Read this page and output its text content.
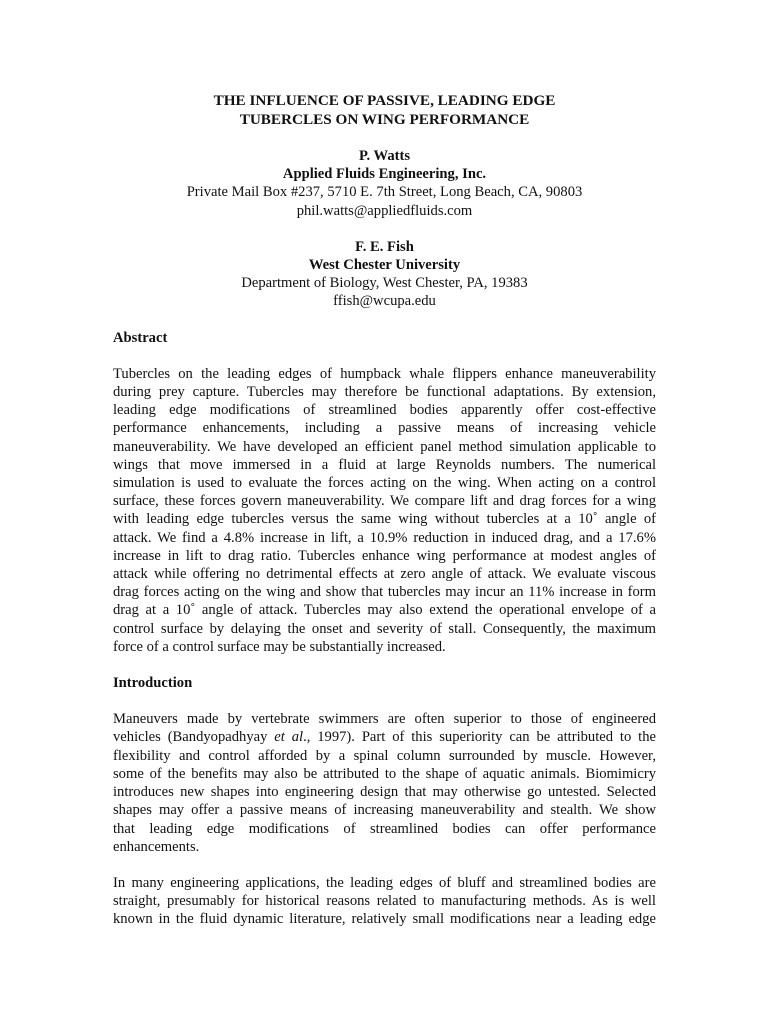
THE INFLUENCE OF PASSIVE, LEADING EDGE
TUBERCLES ON WING PERFORMANCE
P. Watts
Applied Fluids Engineering, Inc.
Private Mail Box #237, 5710 E. 7th Street, Long Beach, CA, 90803
phil.watts@appliedfluids.com
F. E. Fish
West Chester University
Department of Biology, West Chester, PA, 19383
ffish@wcupa.edu
Abstract
Tubercles on the leading edges of humpback whale flippers enhance maneuverability
during prey capture. Tubercles may therefore be functional adaptations. By extension,
leading edge modifications of streamlined bodies apparently offer cost-effective
performance enhancements, including a passive means of increasing vehicle
maneuverability. We have developed an efficient panel method simulation applicable to
wings that move immersed in a fluid at large Reynolds numbers. The numerical
simulation is used to evaluate the forces acting on the wing. When acting on a control
surface, these forces govern maneuverability. We compare lift and drag forces for a wing
with leading edge tubercles versus the same wing without tubercles at a 10˚ angle of
attack. We find a 4.8% increase in lift, a 10.9% reduction in induced drag, and a 17.6%
increase in lift to drag ratio. Tubercles enhance wing performance at modest angles of
attack while offering no detrimental effects at zero angle of attack. We evaluate viscous
drag forces acting on the wing and show that tubercles may incur an 11% increase in form
drag at a 10˚ angle of attack. Tubercles may also extend the operational envelope of a
control surface by delaying the onset and severity of stall. Consequently, the maximum
force of a control surface may be substantially increased.
Introduction
Maneuvers made by vertebrate swimmers are often superior to those of engineered
vehicles (Bandyopadhyay et al., 1997). Part of this superiority can be attributed to the
flexibility and control afforded by a spinal column surrounded by muscle. However,
some of the benefits may also be attributed to the shape of aquatic animals. Biomimicry
introduces new shapes into engineering design that may otherwise go untested. Selected
shapes may offer a passive means of increasing maneuverability and stealth. We show
that leading edge modifications of streamlined bodies can offer performance
enhancements.
In many engineering applications, the leading edges of bluff and streamlined bodies are
straight, presumably for historical reasons related to manufacturing methods. As is well
known in the fluid dynamic literature, relatively small modifications near a leading edge
